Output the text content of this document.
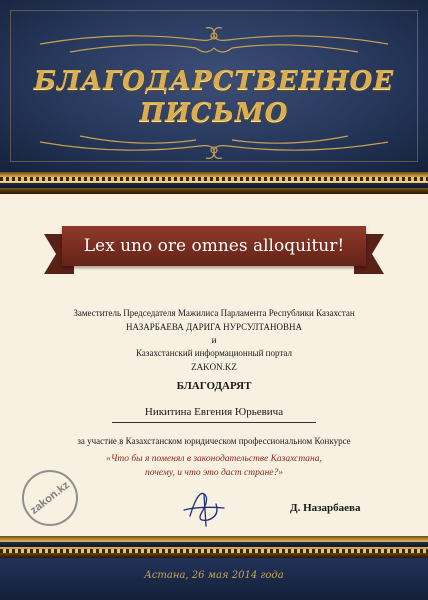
БЛАГОДАРСТВЕННОЕ
ПИСЬМО
Lex uno ore omnes alloquitur!
Заместитель Председателя Мажилиса Парламента Республики Казахстан
НАЗАРБАЕВА ДАРИГА НУРСУЛТАНОВНА
и
Казахстанский информационный портал
ZAKON.KZ
БЛАГОДАРЯТ
Никитина Евгения Юрьевича
за участие в Казахстанском юридическом профессиональном Конкурсе
«Что бы я поменял в законодательстве Казахстана,
почему, и что это даст стране?»
zakon.kz	Д. Назарбаева
Астана, 26 мая 2014 года
